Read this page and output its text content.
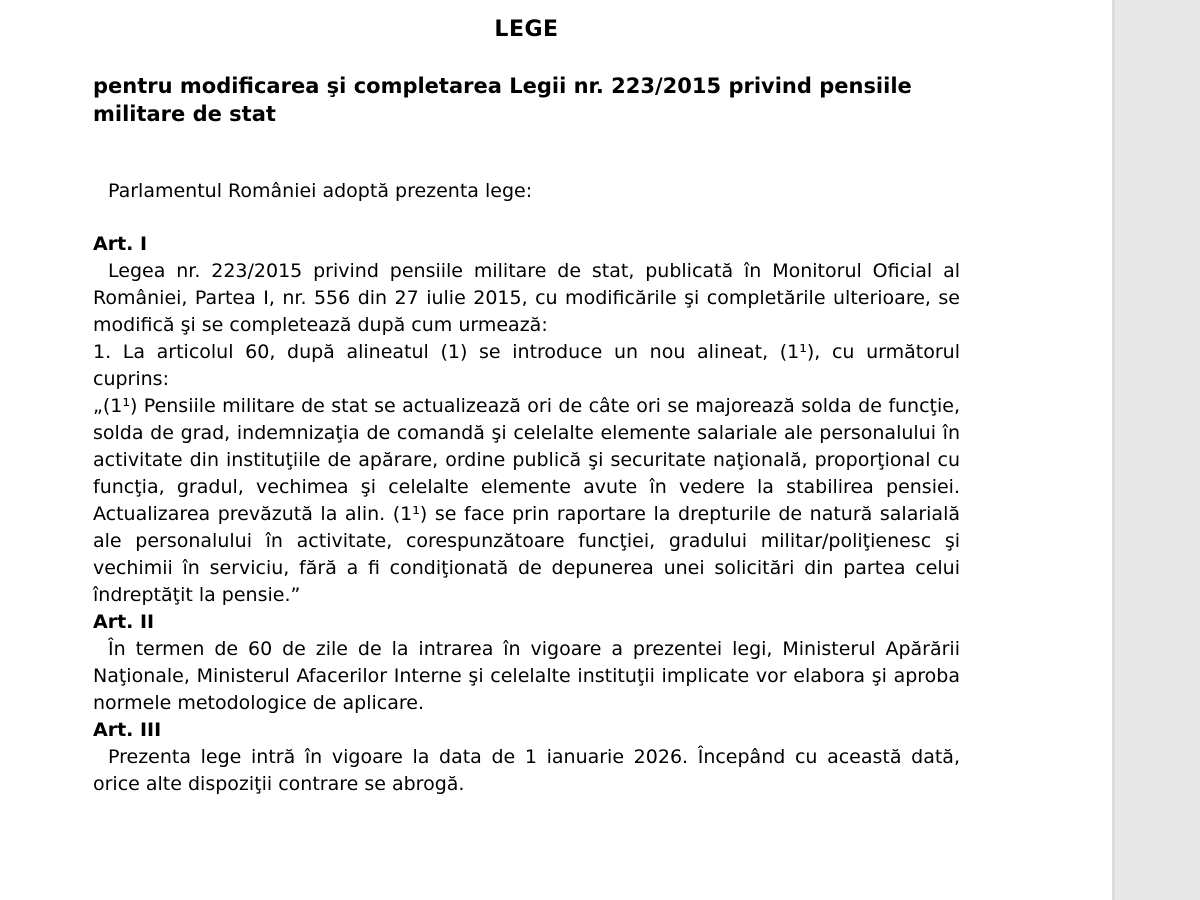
LEGE
pentru modificarea şi completarea Legii nr. 223/2015 privind pensiile militare de stat

Parlamentul României adoptă prezenta lege:

Art. I

Legea nr. 223/2015 privind pensiile militare de stat, publicată în Monitorul Oficial al României, Partea I, nr. 556 din 27 iulie 2015, cu modificările şi completările ulterioare, se modifică şi se completează după cum urmează:

1. La articolul 60, după alineatul (1) se introduce un nou alineat, (1¹), cu următorul cuprins:

„(1¹) Pensiile militare de stat se actualizează ori de câte ori se majorează solda de funcţie, solda de grad, indemnizaţia de comandă şi celelalte elemente salariale ale personalului în activitate din instituţiile de apărare, ordine publică şi securitate naţională, proporţional cu funcţia, gradul, vechimea şi celelalte elemente avute în vedere la stabilirea pensiei. Actualizarea prevăzută la alin. (1¹) se face prin raportare la drepturile de natură salarială ale personalului în activitate, corespunzătoare funcţiei, gradului militar/poliţienesc şi vechimii în serviciu, fără a fi condiţionată de depunerea unei solicitări din partea celui îndreptăţit la pensie.”

Art. II

În termen de 60 de zile de la intrarea în vigoare a prezentei legi, Ministerul Apărării Naţionale, Ministerul Afacerilor Interne şi celelalte instituţii implicate vor elabora şi aproba normele metodologice de aplicare.

Art. III

Prezenta lege intră în vigoare la data de 1 ianuarie 2026. Începând cu această dată, orice alte dispoziţii contrare se abrogă.
